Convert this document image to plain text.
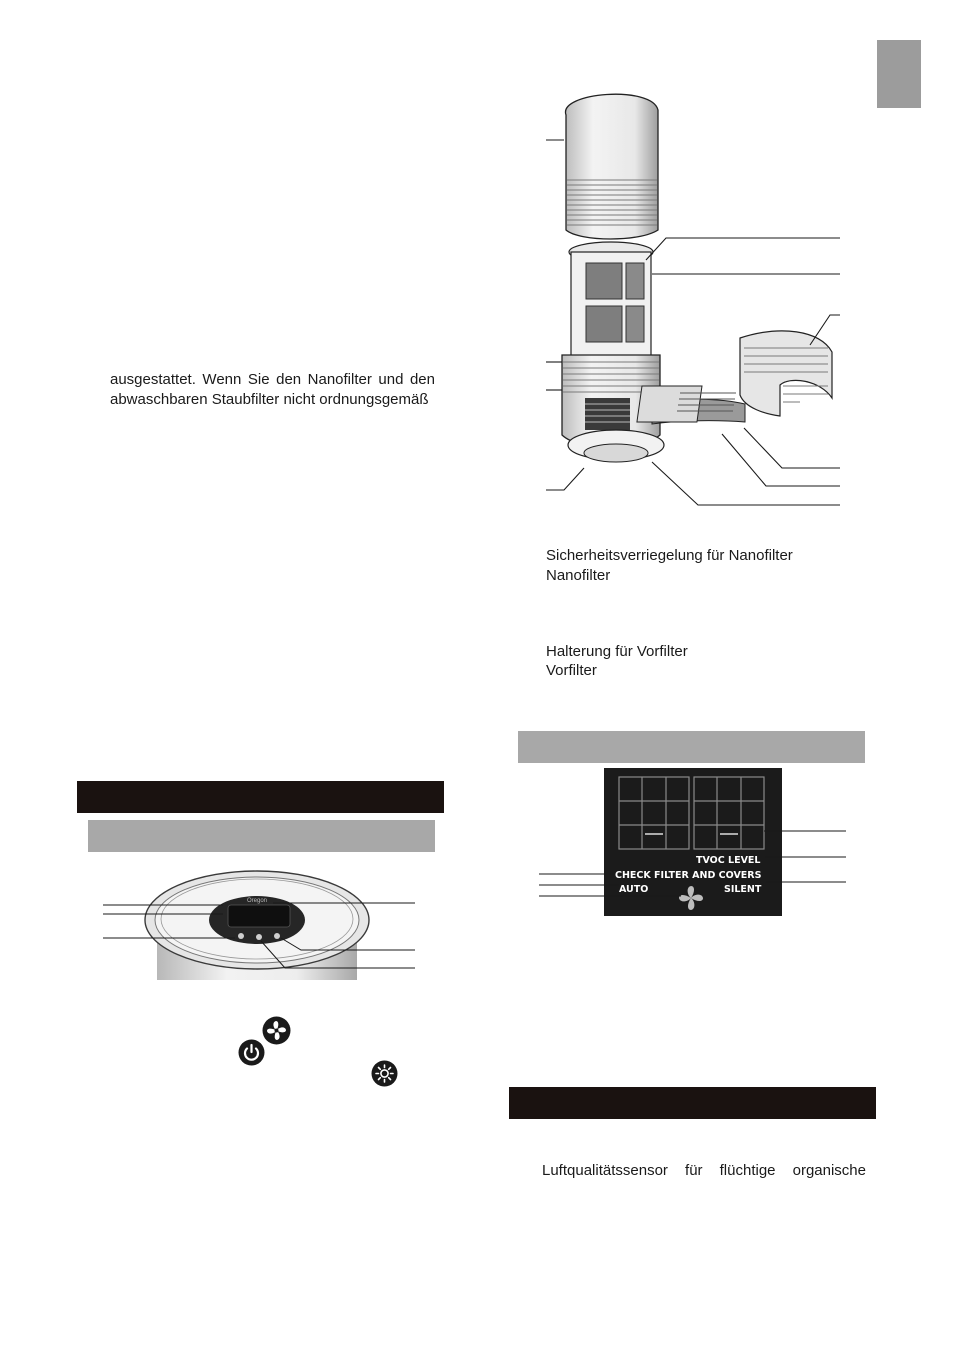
ausgestattet. Wenn Sie den Nanofilter und den
abwaschbaren Staubfilter nicht ordnungsgemäß
Oregon
Sicherheitsverriegelung für Nanofilter
Nanofilter
Halterung für Vorfilter
Vorfilter
TVOC LEVEL
CHECK FILTER AND COVERS
AUTO	SILENT
Luftqualitätssensor für flüchtige organische
